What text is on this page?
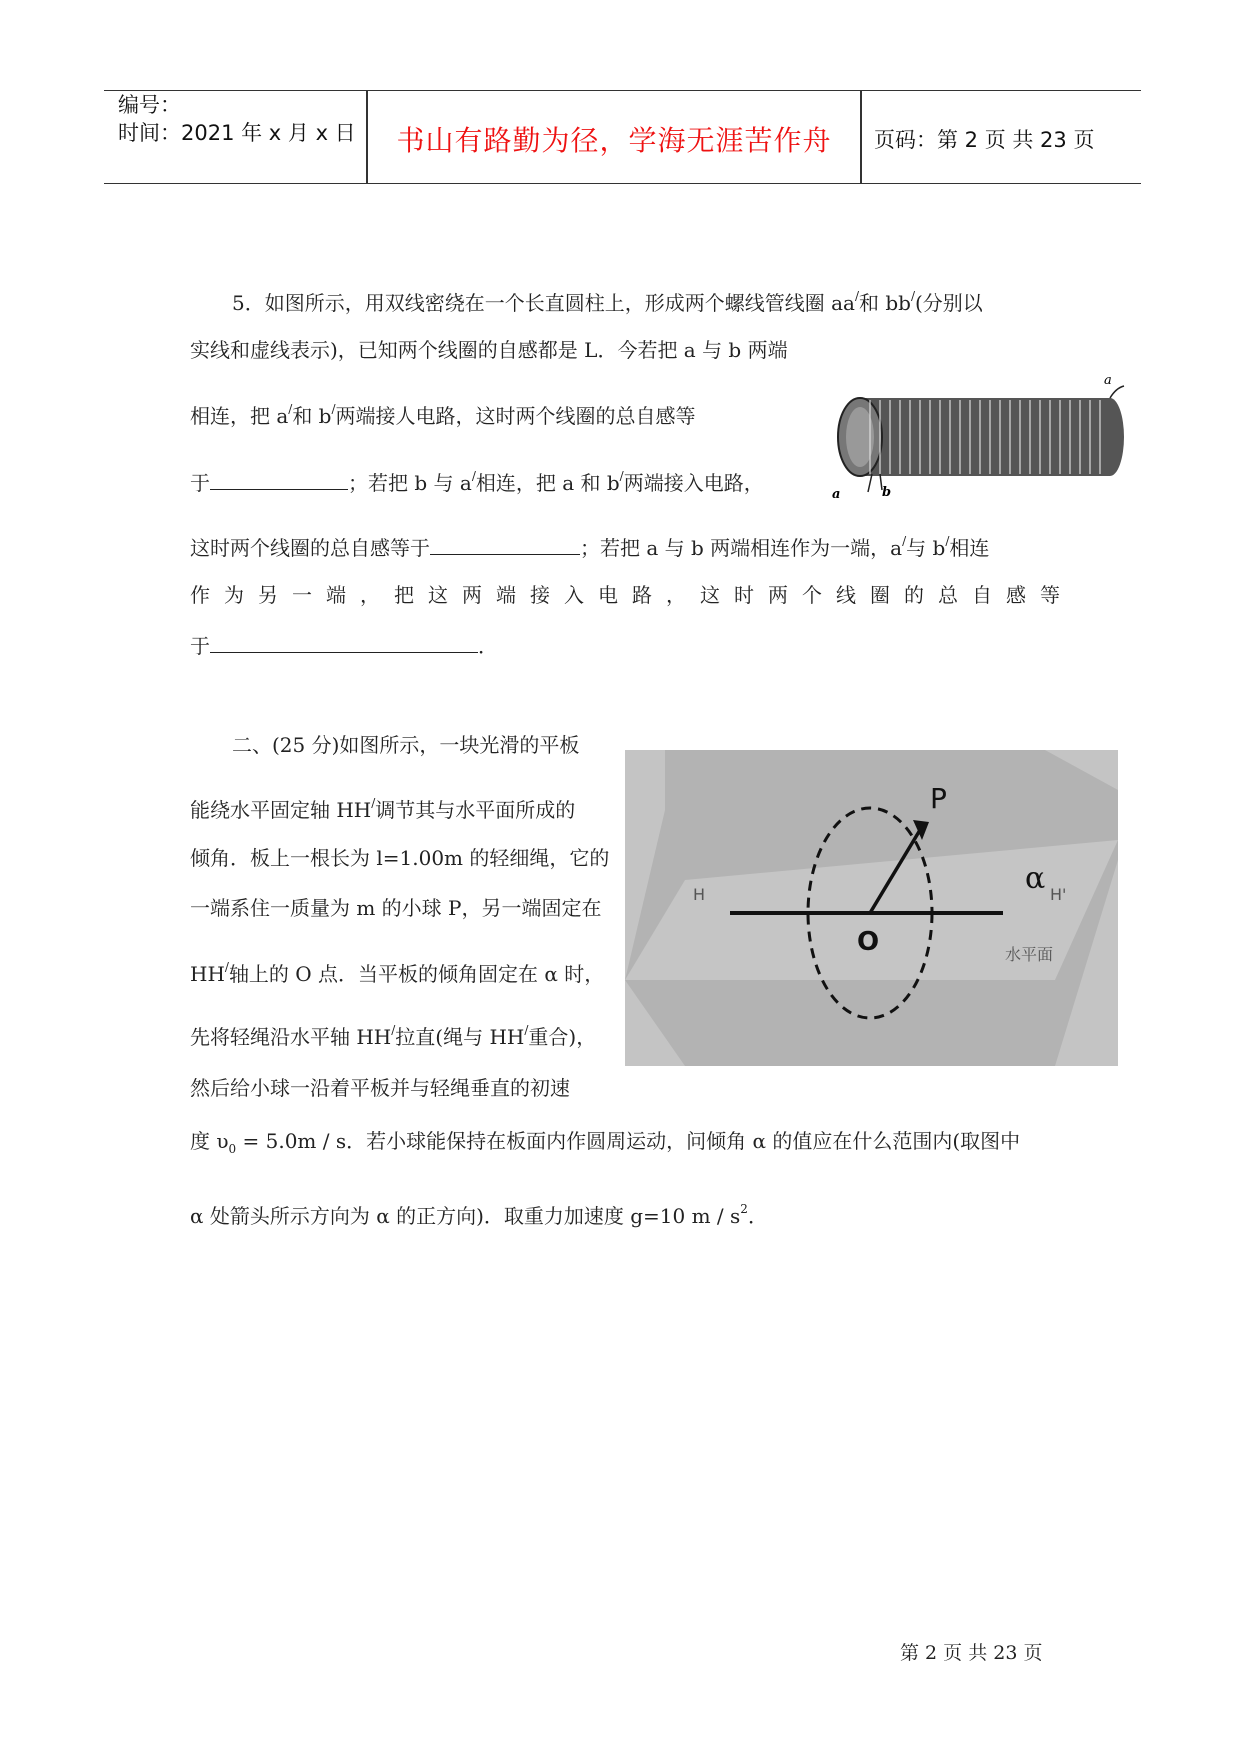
编号：
时间：2021 年 x 月 x 日	书山有路勤为径，学海无涯苦作舟	页码：第 2 页 共 23 页
5．如图所示，用双线密绕在一个长直圆柱上，形成两个螺线管线圈 aa/和 bb/(分别以
实线和虚线表示)，已知两个线圈的自感都是 L．今若把 a 与 b 两端
相连，把 a/和 b/两端接人电路，这时两个线圈的总自感等
于	；若把 b 与 a/相连，把 a 和 b/两端接入电路，
这时两个线圈的总自感等于	；若把 a 与 b 两端相连作为一端，a/与 b/相连
作为另一端，把这两端接入电路，这时两个线圈的总自感等
于	．
a
a	b
二、(25 分)如图所示，一块光滑的平板
能绕水平固定轴 HH/调节其与水平面所成的
倾角．板上一根长为 l=1.00m 的轻细绳，它的
一端系住一质量为 m 的小球 P，另一端固定在
HH/轴上的 O 点．当平板的倾角固定在 α 时，
先将轻绳沿水平轴 HH/拉直(绳与 HH/重合)，
然后给小球一沿着平板并与轻绳垂直的初速
度 $\upsilon_0 = 5.0m / s$．若小球能保持在板面内作圆周运动，问倾角 α 的值应在什么范围内(取图中
α 处箭头所示方向为 α 的正方向)．取重力加速度 g=10 m / $s^2$．
P
O
α
H	H'
水平面
第 2 页 共 23 页
